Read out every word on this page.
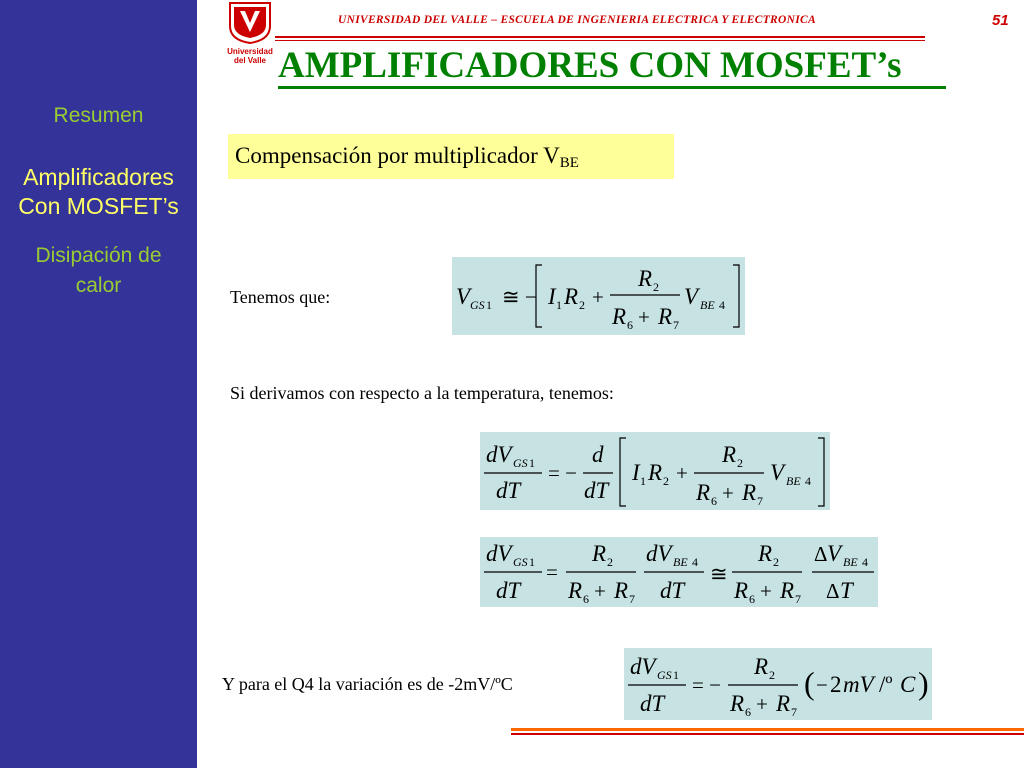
Resumen
Amplificadores
Con MOSFET’s
Disipación de
calor
Universidad
del Valle
UNIVERSIDAD DEL VALLE – ESCUELA DE INGENIERIA ELECTRICA Y ELECTRONICA	51
AMPLIFICADORES CON MOSFET’s
Compensación por multiplicador $V_{BE}$
Tenemos que:
Si derivamos con respecto a la temperatura, tenemos:
Y para el Q4 la variación es de -2mV/ºC
V GS 1 ≅ − I 1 R 2 +
R 2
R 6 + R 7
V BE 4
dV GS 1
dT
= −
d
dT
I 1 R 2 +
R 2
R 6 + R 7
V BE 4
dV GS 1
dT
=
R 2
R 6 + R 7
dV BE 4
dT
≅
R 2
R 6 + R 7
Δ V BE 4
Δ T
dV GS 1
dT
= −
R 2
R 6 + R 7
( − 2 mV /º C )
